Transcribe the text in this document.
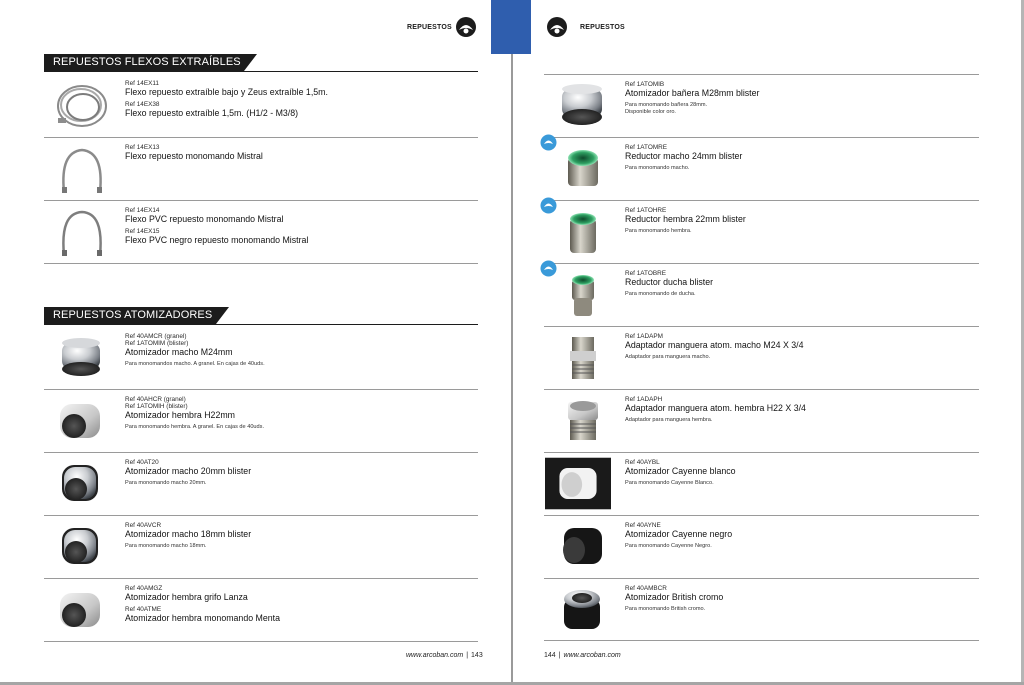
REPUESTOS
REPUESTOS FLEXOS EXTRAÍBLES
Ref 14EX11
Flexo repuesto extraíble bajo y Zeus extraíble 1,5m.
Ref 14EX38
Flexo repuesto extraíble 1,5m. (H1/2 - M3/8)
Ref 14EX13
Flexo repuesto monomando Mistral
Ref 14EX14
Flexo PVC repuesto monomando Mistral
Ref 14EX15
Flexo PVC negro repuesto monomando Mistral
REPUESTOS ATOMIZADORES
Ref 40AMCR (granel)
Ref 1ATOMIM (blister)
Atomizador macho M24mm
Para monomandos macho. A granel. En cajas de 40uds.
Ref 40AHCR (granel)
Ref 1ATOMIH (blister)
Atomizador hembra H22mm
Para monomando hembra. A granel. En cajas de 40uds.
Ref 40AT20
Atomizador macho 20mm blister
Para monomando macho 20mm.
Ref 40AVCR
Atomizador macho 18mm blister
Para monomando macho 18mm.
Ref 40AMGZ
Atomizador hembra grifo Lanza
Ref 40ATME
Atomizador hembra monomando Menta
www.arcoban.com | 143
REPUESTOS
Ref 1ATOMIB
Atomizador bañera M28mm blister
Para monomando bañera 28mm.
Disponible color oro.
Ref 1ATOMRE
Reductor macho 24mm blister
Para monomando macho.
Ref 1ATOHRE
Reductor hembra 22mm blister
Para monomando hembra.
Ref 1ATOBRE
Reductor ducha blister
Para monomando de ducha.
Ref 1ADAPM
Adaptador manguera atom. macho M24 X 3/4
Adaptador para manguera macho.
Ref 1ADAPH
Adaptador manguera atom. hembra H22 X 3/4
Adaptador para manguera hembra.
Ref 40AYBL
Atomizador Cayenne blanco
Para monomando Cayenne Blanco.
Ref 40AYNE
Atomizador Cayenne negro
Para monomando Cayenne Negro.
Ref 40AMBCR
Atomizador British cromo
Para monomando British cromo.
144 | www.arcoban.com
